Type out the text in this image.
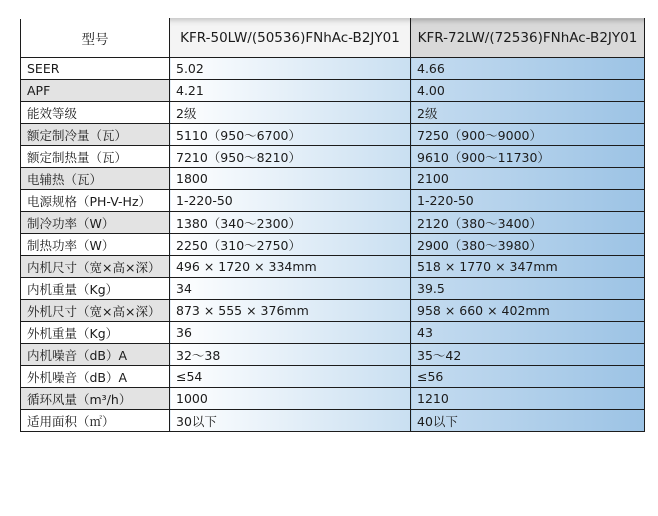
型号	KFR-50LW/(50536)FNhAc-B2JY01	KFR-72LW/(72536)FNhAc-B2JY01
SEER	5.02	4.66
APF	4.21	4.00
能效等级	2级	2级
额定制冷量（瓦）	5110（950～6700）	7250（900～9000）
额定制热量（瓦）	7210（950～8210）	9610（900～11730）
电辅热（瓦）	1800	2100
电源规格（PH-V-Hz）	1-220-50	1-220-50
制冷功率（W）	1380（340～2300）	2120（380～3400）
制热功率（W）	2250（310～2750）	2900（380～3980）
内机尺寸（宽×高×深）	496 × 1720 × 334mm	518 × 1770 × 347mm
内机重量（Kg）	34	39.5
外机尺寸（宽×高×深）	873 × 555 × 376mm	958 × 660 × 402mm
外机重量（Kg）	36	43
内机噪音（dB）A	32～38	35～42
外机噪音（dB）A	≤54	≤56
循环风量（m³/h）	1000	1210
适用面积（㎡）	30以下	40以下
